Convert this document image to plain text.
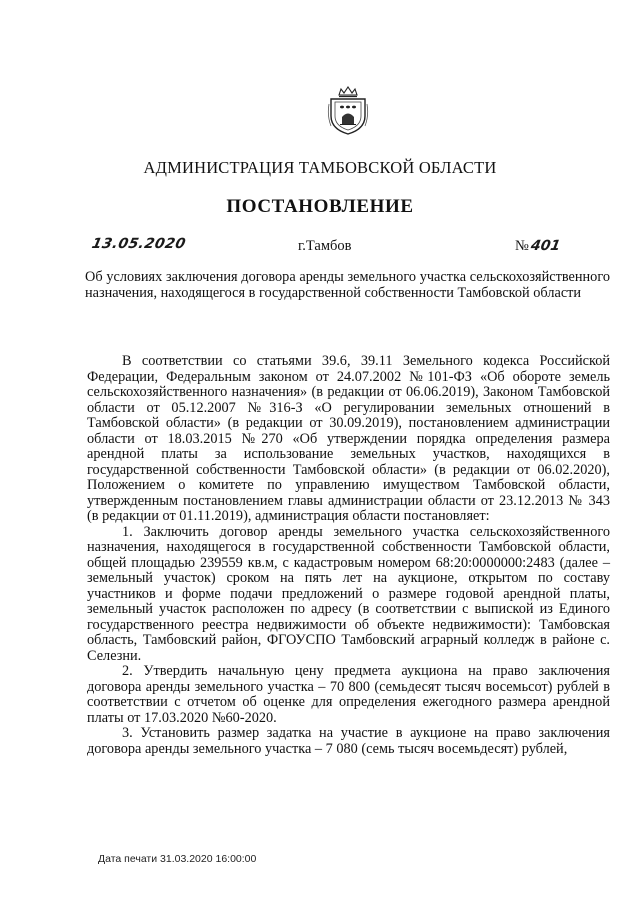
АДМИНИСТРАЦИЯ ТАМБОВСКОЙ ОБЛАСТИ
ПОСТАНОВЛЕНИЕ
13.05.2020	г.Тамбов	№401
Об условиях заключения договора аренды земельного участка сельскохозяйственного назначения, находящегося в государственной собственности Тамбовской области

В соответствии со статьями 39.6, 39.11 Земельного кодекса Российской Федерации, Федеральным законом от 24.07.2002 №101-ФЗ «Об обороте земель сельскохозяйственного назначения» (в редакции от 06.06.2019), Законом Тамбовской области от 05.12.2007 №316-З «О регулировании земельных отношений в Тамбовской области» (в редакции от 30.09.2019), постановлением администрации области от 18.03.2015 №270 «Об утверждении порядка определения размера арендной платы за использование земельных участков, находящихся в государственной собственности Тамбовской области» (в редакции от 06.02.2020), Положением о комитете по управлению имуществом Тамбовской области, утвержденным постановлением главы администрации области от 23.12.2013 № 343 (в редакции от 01.11.2019), администрация области постановляет:

1. Заключить договор аренды земельного участка сельскохозяйственного назначения, находящегося в государственной собственности Тамбовской области, общей площадью 239559 кв.м, с кадастровым номером 68:20:0000000:2483 (далее – земельный участок) сроком на пять лет на аукционе, открытом по составу участников и форме подачи предложений о размере годовой арендной платы, земельный участок расположен по адресу (в соответствии с выпиской из Единого государственного реестра недвижимости об объекте недвижимости): Тамбовская область, Тамбовский район, ФГОУСПО Тамбовский аграрный колледж в районе с. Селезни.

2. Утвердить начальную цену предмета аукциона на право заключения договора аренды земельного участка – 70 800 (семьдесят тысяч восемьсот) рублей в соответствии с отчетом об оценке для определения ежегодного размера арендной платы от 17.03.2020 №60-2020.

3. Установить размер задатка на участие в аукционе на право заключения договора аренды земельного участка – 7 080 (семь тысяч восемьдесят) рублей,

Дата печати 31.03.2020 16:00:00
